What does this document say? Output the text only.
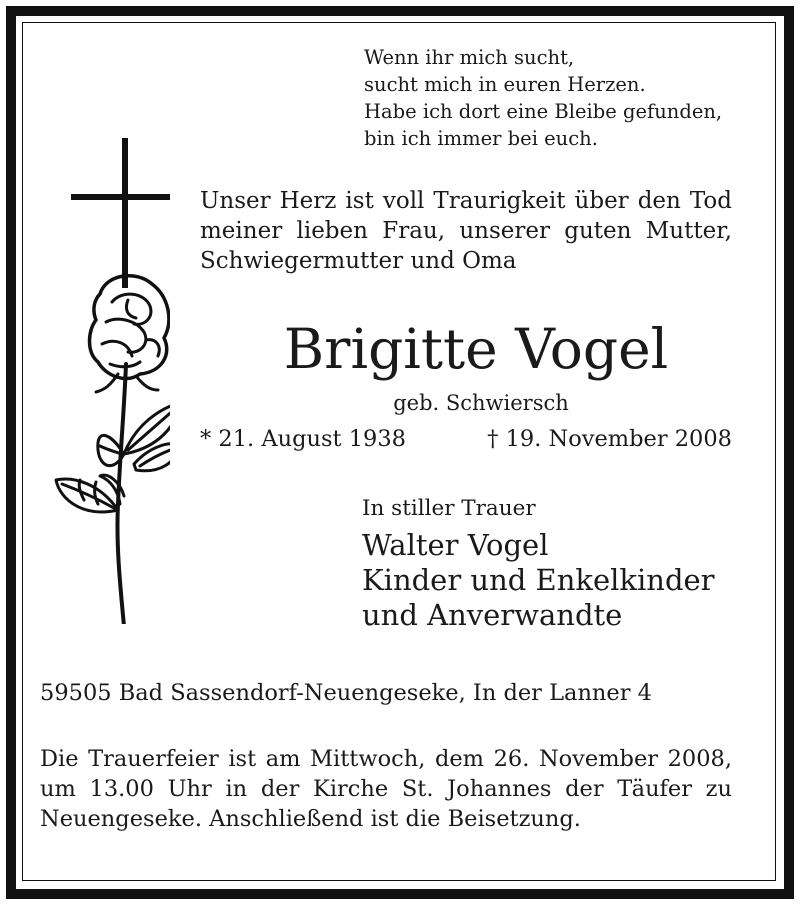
Wenn ihr mich sucht,
sucht mich in euren Herzen.
Habe ich dort eine Bleibe gefunden,
bin ich immer bei euch.
Unser Herz ist voll Traurigkeit über den Tod
meiner lieben Frau, unserer guten Mutter,
Schwiegermutter und Oma
Brigitte Vogel
geb. Schwiersch
* 21. August 1938	† 19. November 2008
In stiller Trauer
Walter Vogel
Kinder und Enkelkinder
und Anverwandte
59505 Bad Sassendorf-Neuengeseke, In der Lanner 4
Die Trauerfeier ist am Mittwoch, dem 26. November 2008,
um 13.00 Uhr in der Kirche St. Johannes der Täufer zu
Neuengeseke. Anschließend ist die Beisetzung.
